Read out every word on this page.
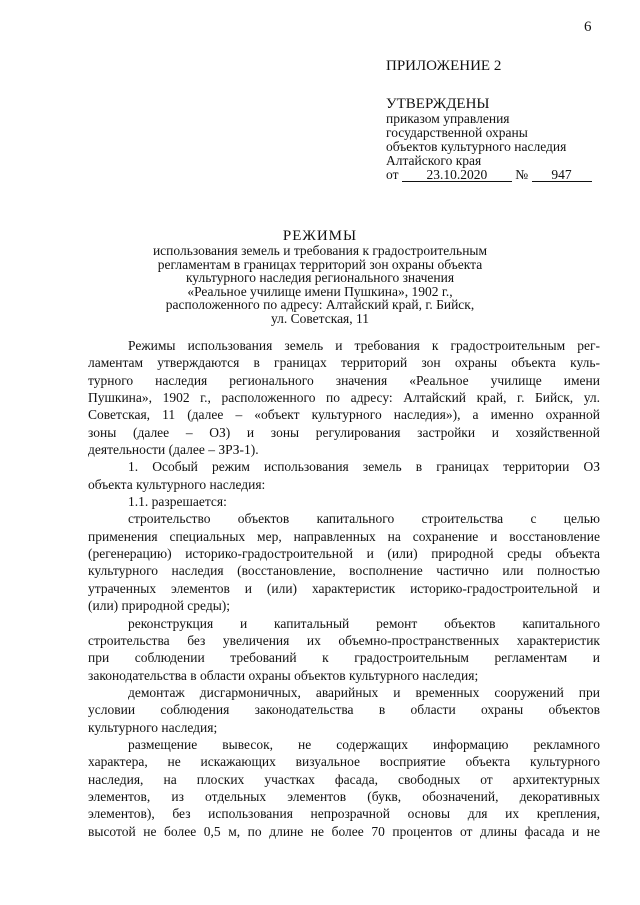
6

ПРИЛОЖЕНИЕ 2

УТВЕРЖДЕНЫ

приказом управления

государственной охраны

объектов культурного наследия

Алтайского края

от 23.10.2020 № 947

РЕЖИМЫ

использования земель и требования к градостроительным

регламентам в границах территорий зон охраны объекта

культурного наследия регионального значения

«Реальное училище имени Пушкина», 1902 г.,

расположенного по адресу: Алтайский край, г. Бийск,

ул. Советская, 11

Режимы использования земель и требования к градостроительным рег-

ламентам утверждаются в границах территорий зон охраны объекта куль-

турного наследия регионального значения «Реальное училище имени

Пушкина», 1902 г., расположенного по адресу: Алтайский край, г. Бийск, ул.

Советская, 11 (далее – «объект культурного наследия»), а именно охранной

зоны (далее – ОЗ) и зоны регулирования застройки и хозяйственной

деятельности (далее – ЗРЗ-1).

1. Особый режим использования земель в границах территории ОЗ

объекта культурного наследия:

1.1. разрешается:

строительство объектов капитального строительства с целью

применения специальных мер, направленных на сохранение и восстановление

(регенерацию) историко-градостроительной и (или) природной среды объекта

культурного наследия (восстановление, восполнение частично или полностью

утраченных элементов и (или) характеристик историко-градостроительной и

(или) природной среды);

реконструкция и капитальный ремонт объектов капитального

строительства без увеличения их объемно-пространственных характеристик

при соблюдении требований к градостроительным регламентам и

законодательства в области охраны объектов культурного наследия;

демонтаж дисгармоничных, аварийных и временных сооружений при

условии соблюдения законодательства в области охраны объектов

культурного наследия;

размещение вывесок, не содержащих информацию рекламного

характера, не искажающих визуальное восприятие объекта культурного

наследия, на плоских участках фасада, свободных от архитектурных

элементов, из отдельных элементов (букв, обозначений, декоративных

элементов), без использования непрозрачной основы для их крепления,

высотой не более 0,5 м, по длине не более 70 процентов от длины фасада и не
